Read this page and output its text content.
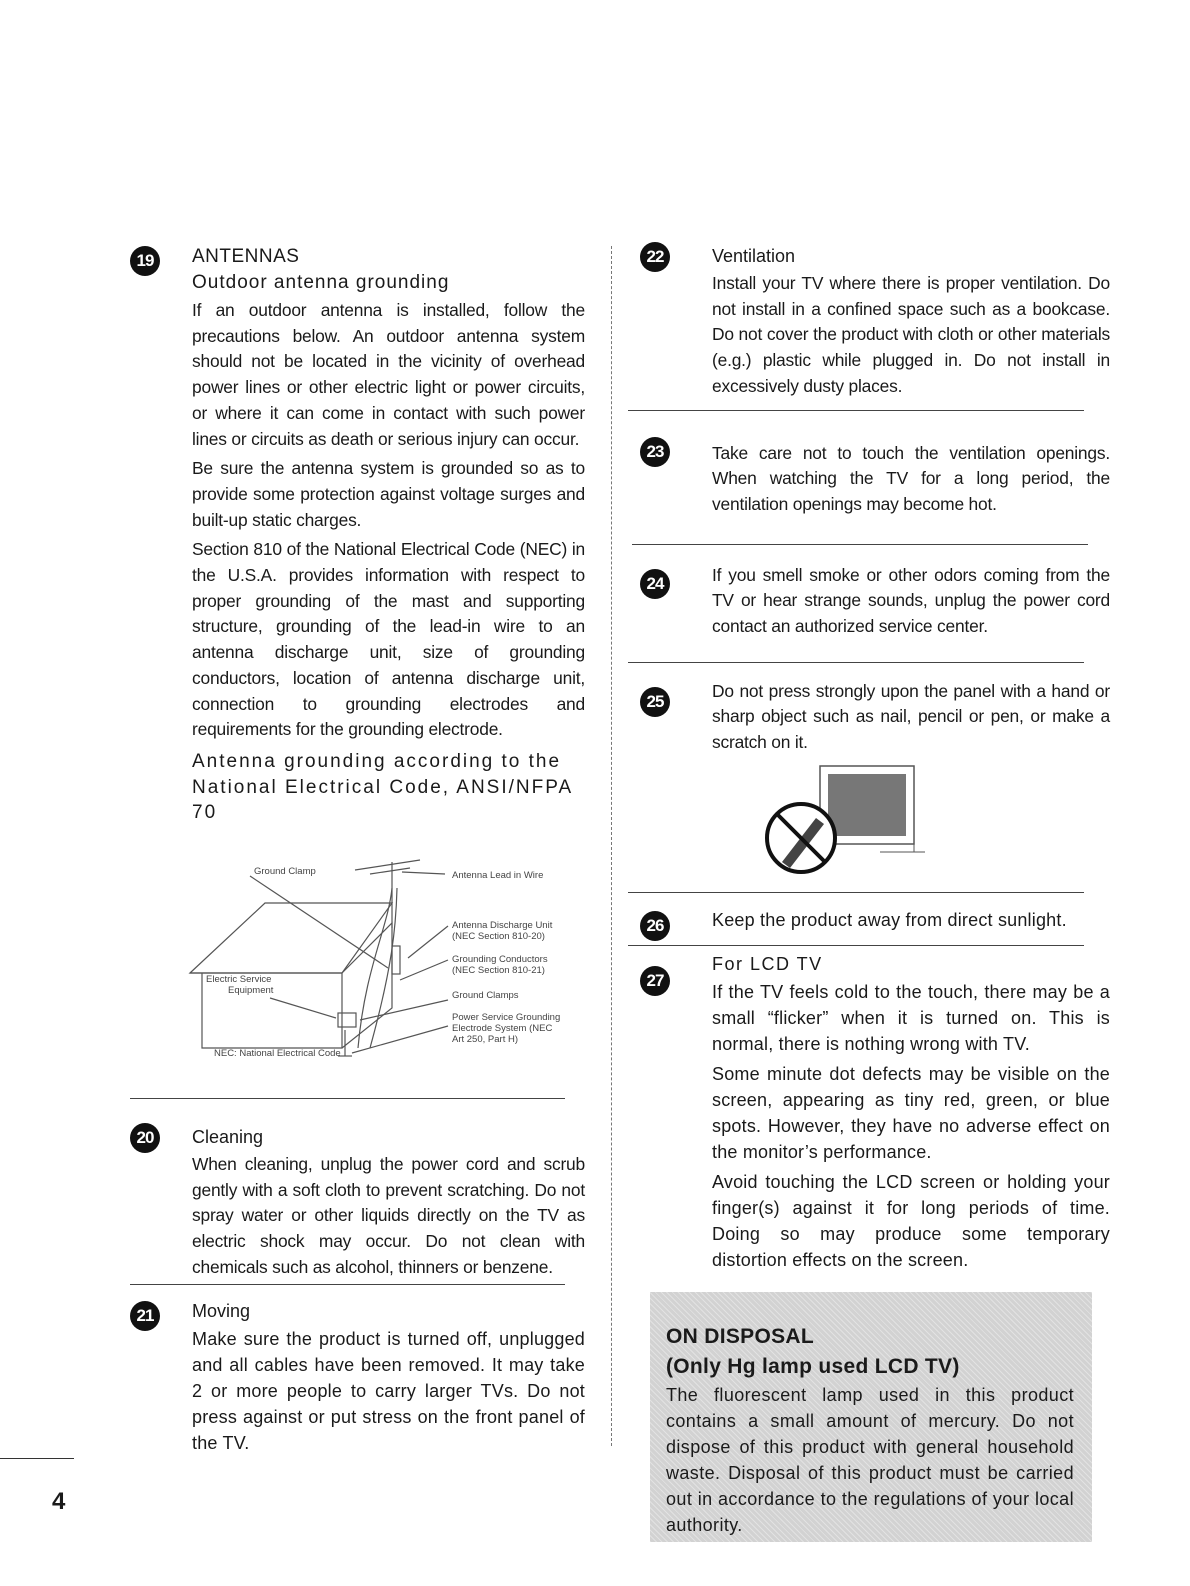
19	ANTENNAS
Outdoor antenna grounding

If an outdoor antenna is installed, follow the precautions below. An outdoor antenna system should not be located in the vicinity of overhead power lines or other electric light or power circuits, or where it can come in contact with such power lines or circuits as death or serious injury can occur.

Be sure the antenna system is grounded so as to provide some protection against voltage surges and built-up static charges.

Section 810 of the National Electrical Code (NEC) in the U.S.A. provides information with respect to proper grounding of the mast and supporting structure, grounding of the lead-in wire to an antenna discharge unit, size of grounding conductors, location of antenna discharge unit, connection to grounding electrodes and requirements for the grounding electrode.

Antenna grounding according to the National Electrical Code, ANSI/NFPA 70
Ground Clamp	Antenna Lead in Wire
Antenna Discharge Unit
(NEC Section 810-20)
Grounding Conductors
(NEC Section 810-21)
Ground Clamps
Electric Service
Equipment
Power Service Grounding
Electrode System (NEC
Art 250, Part H)
NEC: National Electrical Code
20	Cleaning

When cleaning, unplug the power cord and scrub gently with a soft cloth to prevent scratching. Do not spray water or other liquids directly on the TV as electric shock may occur. Do not clean with chemicals such as alcohol, thinners or benzene.

21	Moving

Make sure the product is turned off, unplugged and all cables have been removed. It may take 2 or more people to carry larger TVs. Do not press against or put stress on the front panel of the TV.

22	Ventilation

Install your TV where there is proper ventilation. Do not install in a confined space such as a bookcase. Do not cover the product with cloth or other materials (e.g.) plastic while plugged in. Do not install in excessively dusty places.

23	Take care not to touch the ventilation openings. When watching the TV for a long period, the ventilation openings may become hot.

24	If you smell smoke or other odors coming from the TV or hear strange sounds, unplug the power cord contact an authorized service center.

25

Do not press strongly upon the panel with a hand or sharp object such as nail, pencil or pen, or make a scratch on it.

26	Keep the product away from direct sunlight.

27
For LCD TV

If the TV feels cold to the touch, there may be a small “flicker” when it is turned on. This is normal, there is nothing wrong with TV.

Some minute dot defects may be visible on the screen, appearing as tiny red, green, or blue spots. However, they have no adverse effect on the monitor’s performance.

Avoid touching the LCD screen or holding your finger(s) against it for long periods of time. Doing so may produce some temporary distortion effects on the screen.

ON DISPOSAL
(Only Hg lamp used LCD TV)

The fluorescent lamp used in this product contains a small amount of mercury. Do not dispose of this product with general household waste. Disposal of this product must be carried out in accordance to the regulations of your local authority.

4
